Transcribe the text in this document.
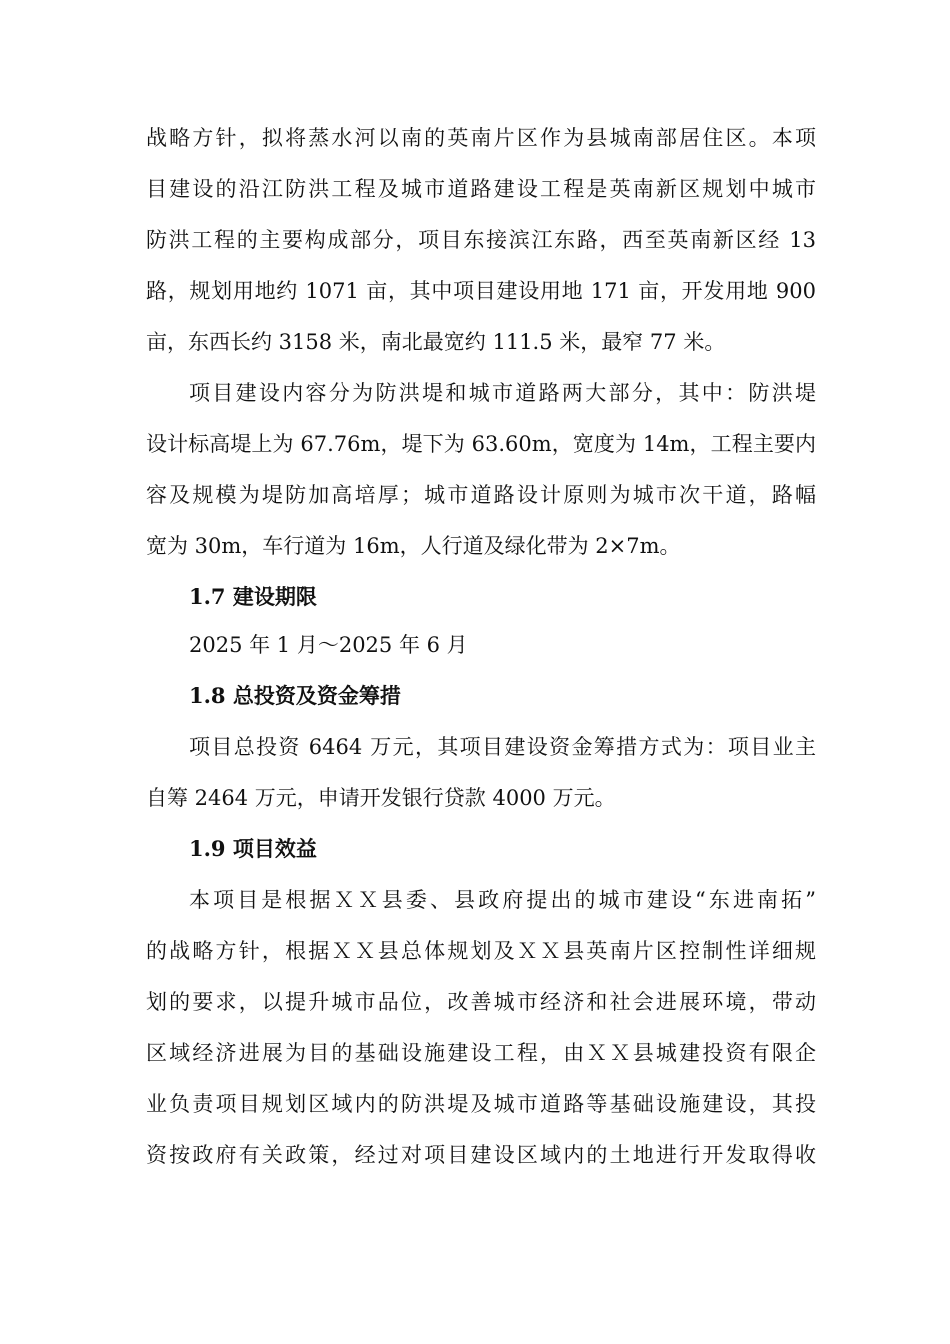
战略方针，拟将蒸水河以南的英南片区作为县城南部居住区。本项
目建设的沿江防洪工程及城市道路建设工程是英南新区规划中城市
防洪工程的主要构成部分，项目东接滨江东路，西至英南新区经 13
路，规划用地约 1071 亩，其中项目建设用地 171 亩，开发用地 900
亩，东西长约 3158 米，南北最宽约 111.5 米，最窄 77 米。
项目建设内容分为防洪堤和城市道路两大部分，其中：防洪堤
设计标高堤上为 67.76m，堤下为 63.60m，宽度为 14m，工程主要内
容及规模为堤防加高培厚；城市道路设计原则为城市次干道，路幅
宽为 30m，车行道为 16m，人行道及绿化带为 2×7m。
1.7 建设期限
2025 年 1 月～2025 年 6 月
1.8 总投资及资金筹措
项目总投资 6464 万元，其项目建设资金筹措方式为：项目业主
自筹 2464 万元，申请开发银行贷款 4000 万元。
1.9 项目效益
本项目是根据ＸＸ县委、县政府提出的城市建设“东进南拓”
的战略方针，根据ＸＸ县总体规划及ＸＸ县英南片区控制性详细规
划的要求，以提升城市品位，改善城市经济和社会进展环境，带动
区域经济进展为目的基础设施建设工程，由ＸＸ县城建投资有限企
业负责项目规划区域内的防洪堤及城市道路等基础设施建设，其投
资按政府有关政策，经过对项目建设区域内的土地进行开发取得收
